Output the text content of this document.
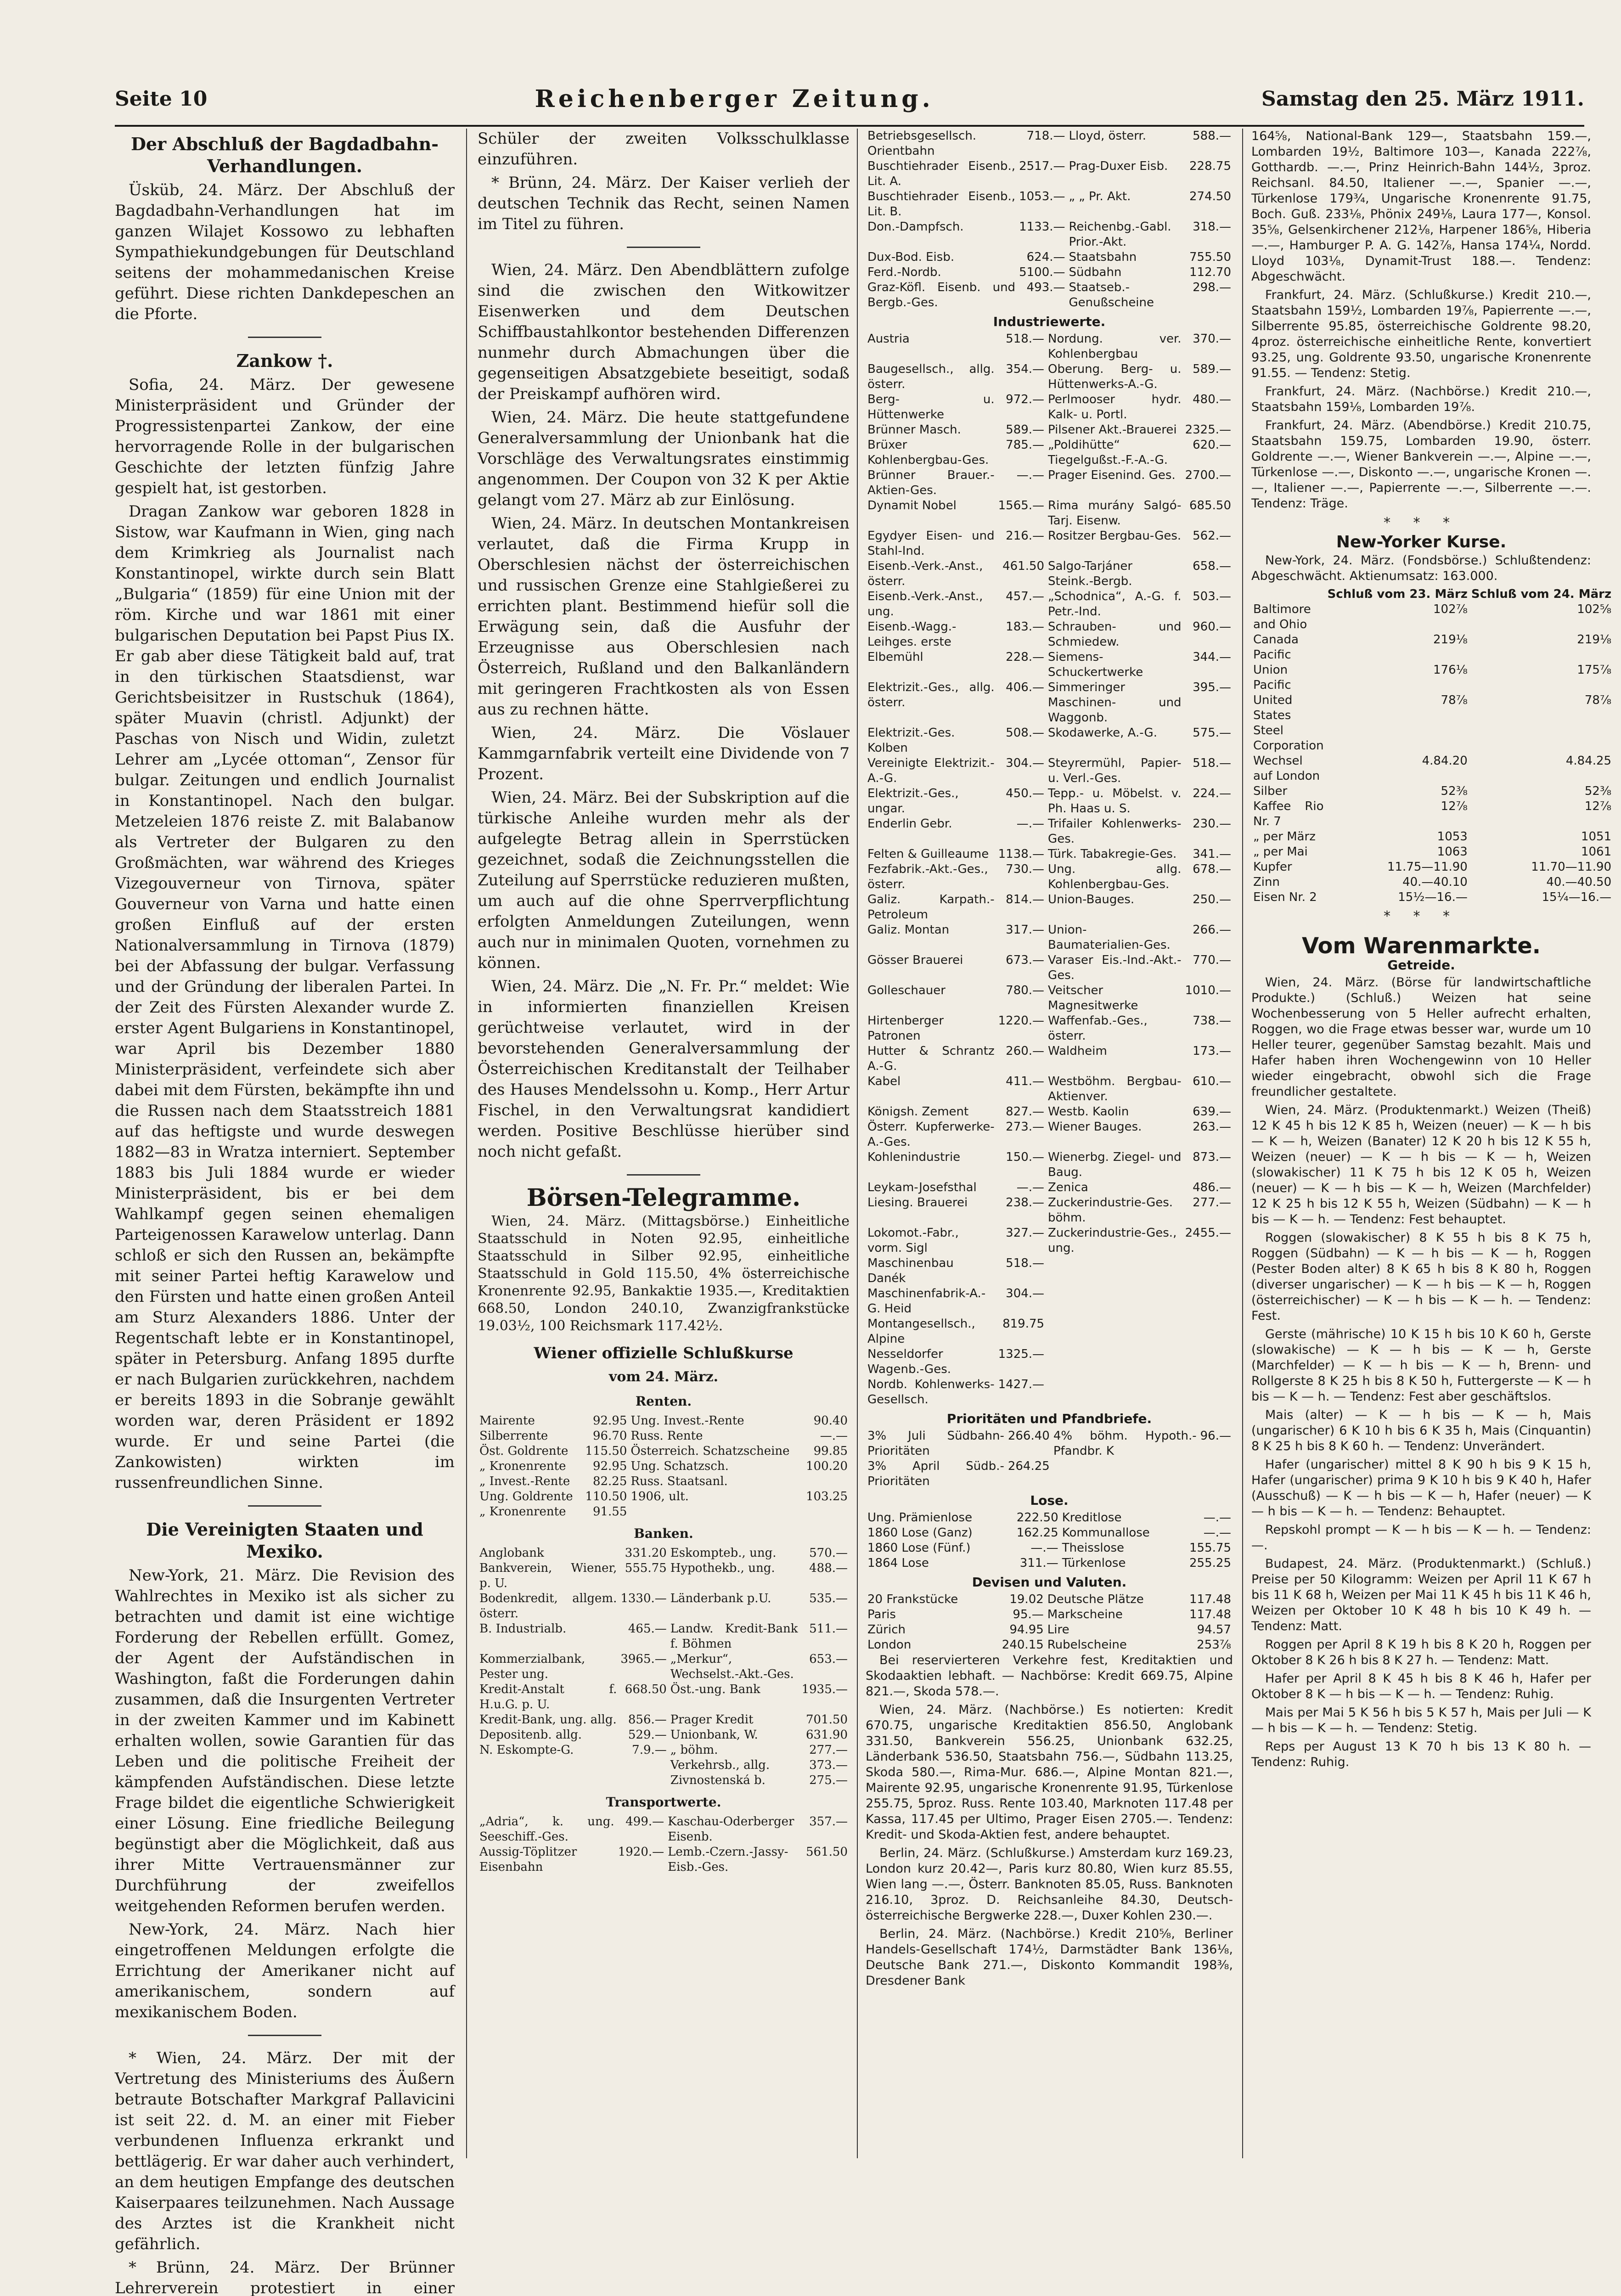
Seite 10	Reichenberger Zeitung.	Samstag den 25. März 1911.
Der Abschluß der Bagdadbahn-Verhandlungen.

Üsküb, 24. März. Der Abschluß der Bagdadbahn-Verhandlungen hat im ganzen Wilajet Kossowo zu lebhaften Sympathiekundgebungen für Deutschland seitens der mohammedanischen Kreise geführt. Diese richten Dankdepeschen an die Pforte.

Zankow †.

Sofia, 24. März. Der gewesene Ministerpräsident und Gründer der Progressistenpartei Zankow, der eine hervorragende Rolle in der bulgarischen Geschichte der letzten fünfzig Jahre gespielt hat, ist gestorben.

Dragan Zankow war geboren 1828 in Sistow, war Kaufmann in Wien, ging nach dem Krimkrieg als Journalist nach Konstantinopel, wirkte durch sein Blatt „Bulgaria“ (1859) für eine Union mit der röm. Kirche und war 1861 mit einer bulgarischen Deputation bei Papst Pius IX. Er gab aber diese Tätigkeit bald auf, trat in den türkischen Staatsdienst, war Gerichtsbeisitzer in Rustschuk (1864), später Muavin (christl. Adjunkt) der Paschas von Nisch und Widin, zuletzt Lehrer am „Lycée ottoman“, Zensor für bulgar. Zeitungen und endlich Journalist in Konstantinopel. Nach den bulgar. Metzeleien 1876 reiste Z. mit Balabanow als Vertreter der Bulgaren zu den Großmächten, war während des Krieges Vizegouverneur von Tirnova, später Gouverneur von Varna und hatte einen großen Einfluß auf der ersten Nationalversammlung in Tirnova (1879) bei der Abfassung der bulgar. Verfassung und der Gründung der liberalen Partei. In der Zeit des Fürsten Alexander wurde Z. erster Agent Bulgariens in Konstantinopel, war April bis Dezember 1880 Ministerpräsident, verfeindete sich aber dabei mit dem Fürsten, bekämpfte ihn und die Russen nach dem Staatsstreich 1881 auf das heftigste und wurde deswegen 1882—83 in Wratza interniert. September 1883 bis Juli 1884 wurde er wieder Ministerpräsident, bis er bei dem Wahlkampf gegen seinen ehemaligen Parteigenossen Karawelow unterlag. Dann schloß er sich den Russen an, bekämpfte mit seiner Partei heftig Karawelow und den Fürsten und hatte einen großen Anteil am Sturz Alexanders 1886. Unter der Regentschaft lebte er in Konstantinopel, später in Petersburg. Anfang 1895 durfte er nach Bulgarien zurückkehren, nachdem er bereits 1893 in die Sobranje gewählt worden war, deren Präsident er 1892 wurde. Er und seine Partei (die Zankowisten) wirkten im russenfreundlichen Sinne.

Die Vereinigten Staaten und Mexiko.

New-York, 21. März. Die Revision des Wahlrechtes in Mexiko ist als sicher zu betrachten und damit ist eine wichtige Forderung der Rebellen erfüllt. Gomez, der Agent der Aufständischen in Washington, faßt die Forderungen dahin zusammen, daß die Insurgenten Vertreter in der zweiten Kammer und im Kabinett erhalten wollen, sowie Garantien für das Leben und die politische Freiheit der kämpfenden Aufständischen. Diese letzte Frage bildet die eigentliche Schwierigkeit einer Lösung. Eine friedliche Beilegung begünstigt aber die Möglichkeit, daß aus ihrer Mitte Vertrauensmänner zur Durchführung der zweifellos weitgehenden Reformen berufen werden.

New-York, 24. März. Nach hier eingetroffenen Meldungen erfolgte die Errichtung der Amerikaner nicht auf amerikanischem, sondern auf mexikanischem Boden.

* Wien, 24. März. Der mit der Vertretung des Ministeriums des Äußern betraute Botschafter Markgraf Pallavicini ist seit 22. d. M. an einer mit Fieber verbundenen Influenza erkrankt und bettlägerig. Er war daher auch verhindert, an dem heutigen Empfange des deutschen Kaiserpaares teilzunehmen. Nach Aussage des Arztes ist die Krankheit nicht gefährlich.

* Brünn, 24. März. Der Brünner Lehrerverein protestiert in einer

Schüler der zweiten Volksschulklasse einzuführen.

* Brünn, 24. März. Der Kaiser verlieh der deutschen Technik das Recht, seinen Namen im Titel zu führen.

Wien, 24. März. Den Abendblättern zufolge sind die zwischen den Witkowitzer Eisenwerken und dem Deutschen Schiffbaustahlkontor bestehenden Differenzen nunmehr durch Abmachungen über die gegenseitigen Absatzgebiete beseitigt, sodaß der Preiskampf aufhören wird.

Wien, 24. März. Die heute stattgefundene Generalversammlung der Unionbank hat die Vorschläge des Verwaltungsrates einstimmig angenommen. Der Coupon von 32 K per Aktie gelangt vom 27. März ab zur Einlösung.

Wien, 24. März. In deutschen Montankreisen verlautet, daß die Firma Krupp in Oberschlesien nächst der österreichischen und russischen Grenze eine Stahlgießerei zu errichten plant. Bestimmend hiefür soll die Erwägung sein, daß die Ausfuhr der Erzeugnisse aus Oberschlesien nach Österreich, Rußland und den Balkanländern mit geringeren Frachtkosten als von Essen aus zu rechnen hätte.

Wien, 24. März. Die Vöslauer Kammgarnfabrik verteilt eine Dividende von 7 Prozent.

Wien, 24. März. Bei der Subskription auf die türkische Anleihe wurden mehr als der aufgelegte Betrag allein in Sperrstücken gezeichnet, sodaß die Zeichnungsstellen die Zuteilung auf Sperrstücke reduzieren mußten, um auch auf die ohne Sperrverpflichtung erfolgten Anmeldungen Zuteilungen, wenn auch nur in minimalen Quoten, vornehmen zu können.

Wien, 24. März. Die „N. Fr. Pr.“ meldet: Wie in informierten finanziellen Kreisen gerüchtweise verlautet, wird in der bevorstehenden Generalversammlung der Österreichischen Kreditanstalt der Teilhaber des Hauses Mendelssohn u. Komp., Herr Artur Fischel, in den Verwaltungsrat kandidiert werden. Positive Beschlüsse hierüber sind noch nicht gefaßt.

Börsen-Telegramme.

Wien, 24. März. (Mittagsbörse.) Einheitliche Staatsschuld in Noten 92.95, einheitliche Staatsschuld in Silber 92.95, einheitliche Staatsschuld in Gold 115.50, 4% österreichische Kronenrente 92.95, Bankaktie 1935.—, Kreditaktien 668.50, London 240.10, Zwanzigfrankstücke 19.03½, 100 Reichsmark 117.42½.

Wiener offizielle Schlußkurse
vom 24. März.
Renten.
Mairente	92.95	Ung. Invest.-Rente	90.40
Silberrente	96.70	Russ. Rente	—.—
Öst. Goldrente	115.50	Österreich. Schatzscheine	99.85
„ Kronenrente	92.95	Ung. Schatzsch.	100.20
„ Invest.-Rente	82.25	Russ. Staatsanl.	
Ung. Goldrente	110.50	1906, ult.	103.25
„ Kronenrente	91.55		
Banken.
Anglobank	331.20	Eskompteb., ung.	570.—
Bankverein, Wiener, p. U.	555.75	Hypothekb., ung.	488.—
Bodenkredit, allgem. österr.	1330.—	Länderbank p.U.	535.—
B. Industrialb.	465.—	Landw. Kredit-Bank f. Böhmen	511.—
Kommerzialbank, Pester ung.	3965.—	„Merkur“, Wechselst.-Akt.-Ges.	653.—
Kredit-Anstalt f. H.u.G. p. U.	668.50	Öst.-ung. Bank	1935.—
Kredit-Bank, ung. allg.	856.—	Prager Kredit	701.50
Depositenb. allg.	529.—	Unionbank, W.	631.90
N. Eskompte-G.	7.9.—	„ böhm.	277.—
		Verkehrsb., allg.	373.—
		Zivnostenská b.	275.—
Transportwerte.
„Adria“, k. ung. Seeschiff.-Ges.	499.—	Kaschau-Oderberger Eisenb.	357.—
Aussig-Töplitzer Eisenbahn	1920.—	Lemb.-Czern.-Jassy-Eisb.-Ges.	561.50
Betriebsgesellsch. Orientbahn	718.—	Lloyd, österr.	588.—
Buschtiehrader Eisenb., Lit. A.	2517.—	Prag-Duxer Eisb.	228.75
Buschtiehrader Eisenb., Lit. B.	1053.—	„ „ Pr. Akt.	274.50
Don.-Dampfsch.	1133.—	Reichenbg.-Gabl. Prior.-Akt.	318.—
Dux-Bod. Eisb.	624.—	Staatsbahn	755.50
Ferd.-Nordb.	5100.—	Südbahn	112.70
Graz-Köfl. Eisenb. und Bergb.-Ges.	493.—	Staatseb.-Genußscheine	298.—
Industriewerte.
Austria	518.—	Nordung. ver. Kohlenbergbau	370.—
Baugesellsch., allg. österr.	354.—	Oberung. Berg- u. Hüttenwerks-A.-G.	589.—
Berg- u. Hüttenwerke	972.—	Perlmooser hydr. Kalk- u. Portl.	480.—
Brünner Masch.	589.—	Pilsener Akt.-Brauerei	2325.—
Brüxer Kohlenbergbau-Ges.	785.—	„Poldihütte“ Tiegelgußst.-F.-A.-G.	620.—
Brünner Brauer.-Aktien-Ges.	—.—	Prager Eisenind. Ges.	2700.—
Dynamit Nobel	1565.—	Rima murány Salgó-Tarj. Eisenw.	685.50
Egydyer Eisen- und Stahl-Ind.	216.—	Rositzer Bergbau-Ges.	562.—
Eisenb.-Verk.-Anst., österr.	461.50	Salgo-Tarjáner Steink.-Bergb.	658.—
Eisenb.-Verk.-Anst., ung.	457.—	„Schodnica“, A.-G. f. Petr.-Ind.	503.—
Eisenb.-Wagg.-Leihges. erste	183.—	Schrauben- und Schmiedew.	960.—
Elbemühl	228.—	Siemens-Schuckertwerke	344.—
Elektrizit.-Ges., allg. österr.	406.—	Simmeringer Maschinen- und Waggonb.	395.—
Elektrizit.-Ges. Kolben	508.—	Skodawerke, A.-G.	575.—
Vereinigte Elektrizit.-A.-G.	304.—	Steyrermühl, Papier- u. Verl.-Ges.	518.—
Elektrizit.-Ges., ungar.	450.—	Tepp.- u. Möbelst. v. Ph. Haas u. S.	224.—
Enderlin Gebr.	—.—	Trifailer Kohlenwerks-Ges.	230.—
Felten & Guilleaume	1138.—	Türk. Tabakregie-Ges.	341.—
Fezfabrik.-Akt.-Ges., österr.	730.—	Ung. allg. Kohlenbergbau-Ges.	678.—
Galiz. Karpath.-Petroleum	814.—	Union-Bauges.	250.—
Galiz. Montan	317.—	Union-Baumaterialien-Ges.	266.—
Gösser Brauerei	673.—	Varaser Eis.-Ind.-Akt.-Ges.	770.—
Golleschauer	780.—	Veitscher Magnesitwerke	1010.—
Hirtenberger Patronen	1220.—	Waffenfab.-Ges., österr.	738.—
Hutter & Schrantz A.-G.	260.—	Waldheim	173.—
Kabel	411.—	Westböhm. Bergbau-Aktienver.	610.—
Königsh. Zement	827.—	Westb. Kaolin	639.—
Österr. Kupferwerke-A.-Ges.	273.—	Wiener Bauges.	263.—
Kohlenindustrie	150.—	Wienerbg. Ziegel- und Baug.	873.—
Leykam-Josefsthal	—.—	Zenica	486.—
Liesing. Brauerei	238.—	Zuckerindustrie-Ges. böhm.	277.—
Lokomot.-Fabr., vorm. Sigl	327.—	Zuckerindustrie-Ges., ung.	2455.—
Maschinenbau Danék	518.—		
Maschinenfabrik-A.-G. Heid	304.—		
Montangesellsch., Alpine	819.75		
Nesseldorfer Wagenb.-Ges.	1325.—		
Nordb. Kohlenwerks-Gesellsch.	1427.—		
Prioritäten und Pfandbriefe.
3% Juli Südbahn-Prioritäten	266.40	4% böhm. Hypoth.-Pfandbr. K	96.—
3% April Südb.-Prioritäten	264.25		
Lose.
Ung. Prämienlose	222.50	Kreditlose	—.—
1860 Lose (Ganz)	162.25	Kommunallose	—.—
1860 Lose (Fünf.)	—.—	Theisslose	155.75
1864 Lose	311.—	Türkenlose	255.25
Devisen und Valuten.
20 Frankstücke	19.02	Deutsche Plätze	117.48
Paris	95.—	Markscheine	117.48
Zürich	94.95	Lire	94.57
London	240.15	Rubelscheine	253⅞

Bei reservierteren Verkehre fest, Kreditaktien und Skodaaktien lebhaft. — Nachbörse: Kredit 669.75, Alpine 821.—, Skoda 578.—.

Wien, 24. März. (Nachbörse.) Es notierten: Kredit 670.75, ungarische Kreditaktien 856.50, Anglobank 331.50, Bankverein 556.25, Unionbank 632.25, Länderbank 536.50, Staatsbahn 756.—, Südbahn 113.25, Skoda 580.—, Rima-Mur. 686.—, Alpine Montan 821.—, Mairente 92.95, ungarische Kronenrente 91.95, Türkenlose 255.75, 5proz. Russ. Rente 103.40, Marknoten 117.48 per Kassa, 117.45 per Ultimo, Prager Eisen 2705.—. Tendenz: Kredit- und Skoda-Aktien fest, andere behauptet.

Berlin, 24. März. (Schlußkurse.) Amsterdam kurz 169.23, London kurz 20.42—, Paris kurz 80.80, Wien kurz 85.55, Wien lang —.—, Österr. Banknoten 85.05, Russ. Banknoten 216.10, 3proz. D. Reichsanleihe 84.30, Deutsch-österreichische Bergwerke 228.—, Duxer Kohlen 230.—.

Berlin, 24. März. (Nachbörse.) Kredit 210⅝, Berliner Handels-Gesellschaft 174½, Darmstädter Bank 136⅛, Deutsche Bank 271.—, Diskonto Kommandit 198⅜, Dresdener Bank

164⅝, National-Bank 129—, Staatsbahn 159.—, Lombarden 19½, Baltimore 103—, Kanada 222⅞, Gotthardb. —.—, Prinz Heinrich-Bahn 144½, 3proz. Reichsanl. 84.50, Italiener —.—, Spanier —.—, Türkenlose 179¾, Ungarische Kronenrente 91.75, Boch. Guß. 233⅛, Phönix 249⅛, Laura 177—, Konsol. 35⅝, Gelsenkirchener 212⅛, Harpener 186⅝, Hiberia —.—, Hamburger P. A. G. 142⅞, Hansa 174¼, Nordd. Lloyd 103⅛, Dynamit-Trust 188.—. Tendenz: Abgeschwächt.

Frankfurt, 24. März. (Schlußkurse.) Kredit 210.—, Staatsbahn 159½, Lombarden 19⅞, Papierrente —.—, Silberrente 95.85, österreichische Goldrente 98.20, 4proz. österreichische einheitliche Rente, konvertiert 93.25, ung. Goldrente 93.50, ungarische Kronenrente 91.55. — Tendenz: Stetig.

Frankfurt, 24. März. (Nachbörse.) Kredit 210.—, Staatsbahn 159⅛, Lombarden 19⅞.

Frankfurt, 24. März. (Abendbörse.) Kredit 210.75, Staatsbahn 159.75, Lombarden 19.90, österr. Goldrente —.—, Wiener Bankverein —.—, Alpine —.—, Türkenlose —.—, Diskonto —.—, ungarische Kronen —.—, Italiener —.—, Papierrente —.—, Silberrente —.—. Tendenz: Träge.

* * *
New-Yorker Kurse.

New-York, 24. März. (Fondsbörse.) Schlußtendenz: Abgeschwächt. Aktienumsatz: 163.000.

	Schluß vom 23. März	Schluß vom 24. März
Baltimore and Ohio	102⅞	102⅝
Canada Pacific	219⅛	219⅛
Union Pacific	176⅛	175⅞
United States Steel Corporation	78⅞	78⅞
Wechsel auf London	4.84.20	4.84.25
Silber	52⅜	52⅜
Kaffee Rio Nr. 7	12⅞	12⅞
„ per März	1053	1051
„ per Mai	1063	1061
Kupfer	11.75—11.90	11.70—11.90
Zinn	40.—40.10	40.—40.50
Eisen Nr. 2	15½—16.—	15¼—16.—
* * *
Vom Warenmarkte.
Getreide.

Wien, 24. März. (Börse für landwirtschaftliche Produkte.) (Schluß.) Weizen hat seine Wochenbesserung von 5 Heller aufrecht erhalten, Roggen, wo die Frage etwas besser war, wurde um 10 Heller teurer, gegenüber Samstag bezahlt. Mais und Hafer haben ihren Wochengewinn von 10 Heller wieder eingebracht, obwohl sich die Frage freundlicher gestaltete.

Wien, 24. März. (Produktenmarkt.) Weizen (Theiß) 12 K 45 h bis 12 K 85 h, Weizen (neuer) — K — h bis — K — h, Weizen (Banater) 12 K 20 h bis 12 K 55 h, Weizen (neuer) — K — h bis — K — h, Weizen (slowakischer) 11 K 75 h bis 12 K 05 h, Weizen (neuer) — K — h bis — K — h, Weizen (Marchfelder) 12 K 25 h bis 12 K 55 h, Weizen (Südbahn) — K — h bis — K — h. — Tendenz: Fest behauptet.

Roggen (slowakischer) 8 K 55 h bis 8 K 75 h, Roggen (Südbahn) — K — h bis — K — h, Roggen (Pester Boden alter) 8 K 65 h bis 8 K 80 h, Roggen (diverser ungarischer) — K — h bis — K — h, Roggen (österreichischer) — K — h bis — K — h. — Tendenz: Fest.

Gerste (mährische) 10 K 15 h bis 10 K 60 h, Gerste (slowakische) — K — h bis — K — h, Gerste (Marchfelder) — K — h bis — K — h, Brenn- und Rollgerste 8 K 25 h bis 8 K 50 h, Futtergerste — K — h bis — K — h. — Tendenz: Fest aber geschäftslos.

Mais (alter) — K — h bis — K — h, Mais (ungarischer) 6 K 10 h bis 6 K 35 h, Mais (Cinquantin) 8 K 25 h bis 8 K 60 h. — Tendenz: Unverändert.

Hafer (ungarischer) mittel 8 K 90 h bis 9 K 15 h, Hafer (ungarischer) prima 9 K 10 h bis 9 K 40 h, Hafer (Ausschuß) — K — h bis — K — h, Hafer (neuer) — K — h bis — K — h. — Tendenz: Behauptet.

Repskohl prompt — K — h bis — K — h. — Tendenz: —.

Budapest, 24. März. (Produktenmarkt.) (Schluß.) Preise per 50 Kilogramm: Weizen per April 11 K 67 h bis 11 K 68 h, Weizen per Mai 11 K 45 h bis 11 K 46 h, Weizen per Oktober 10 K 48 h bis 10 K 49 h. — Tendenz: Matt.

Roggen per April 8 K 19 h bis 8 K 20 h, Roggen per Oktober 8 K 26 h bis 8 K 27 h. — Tendenz: Matt.

Hafer per April 8 K 45 h bis 8 K 46 h, Hafer per Oktober 8 K — h bis — K — h. — Tendenz: Ruhig.

Mais per Mai 5 K 56 h bis 5 K 57 h, Mais per Juli — K — h bis — K — h. — Tendenz: Stetig.

Reps per August 13 K 70 h bis 13 K 80 h. — Tendenz: Ruhig.
